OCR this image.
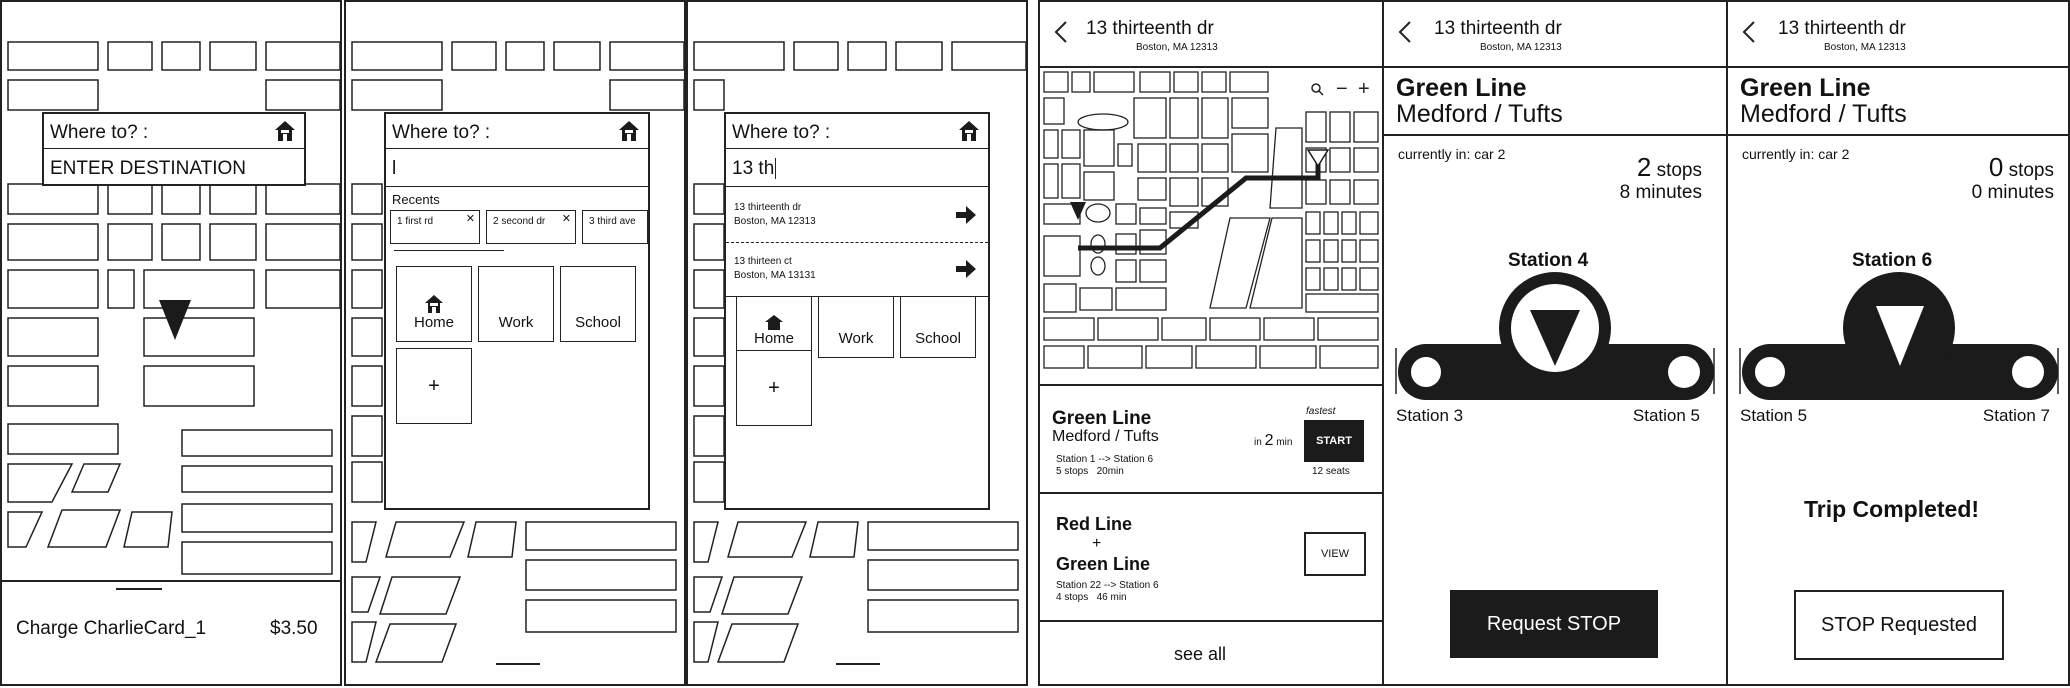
Where to? :
ENTER DESTINATION
Charge CharlieCard_1	$3.50
Where to? :
l
Recents
1 first rd	✕	2 second dr ✕	3 third ave
Home	Work	School
+
Where to? :
13 th
13 thirteenth dr
Boston, MA 12313
13 thirteen ct
Boston, MA 13131
Home	Work	School
+
13 thirteenth dr
Boston, MA 12313
− +
Green Line
Medford / Tufts
Station 1 --> Station 6
5 stops 20min
fastest
in 2 min START
12 seats
Red Line
+
Green Line
Station 22 --> Station 6
4 stops 46 min
VIEW
see all
13 thirteenth dr
Boston, MA 12313
Green Line
Medford / Tufts
currently in: car 2	2 stops
8 minutes
Station 4
Station 3	Station 5
Request STOP
13 thirteenth dr
Boston, MA 12313
Green Line
Medford / Tufts
currently in: car 2	0 stops
0 minutes
Station 6
Station 5	Station 7
Trip Completed!
STOP Requested
